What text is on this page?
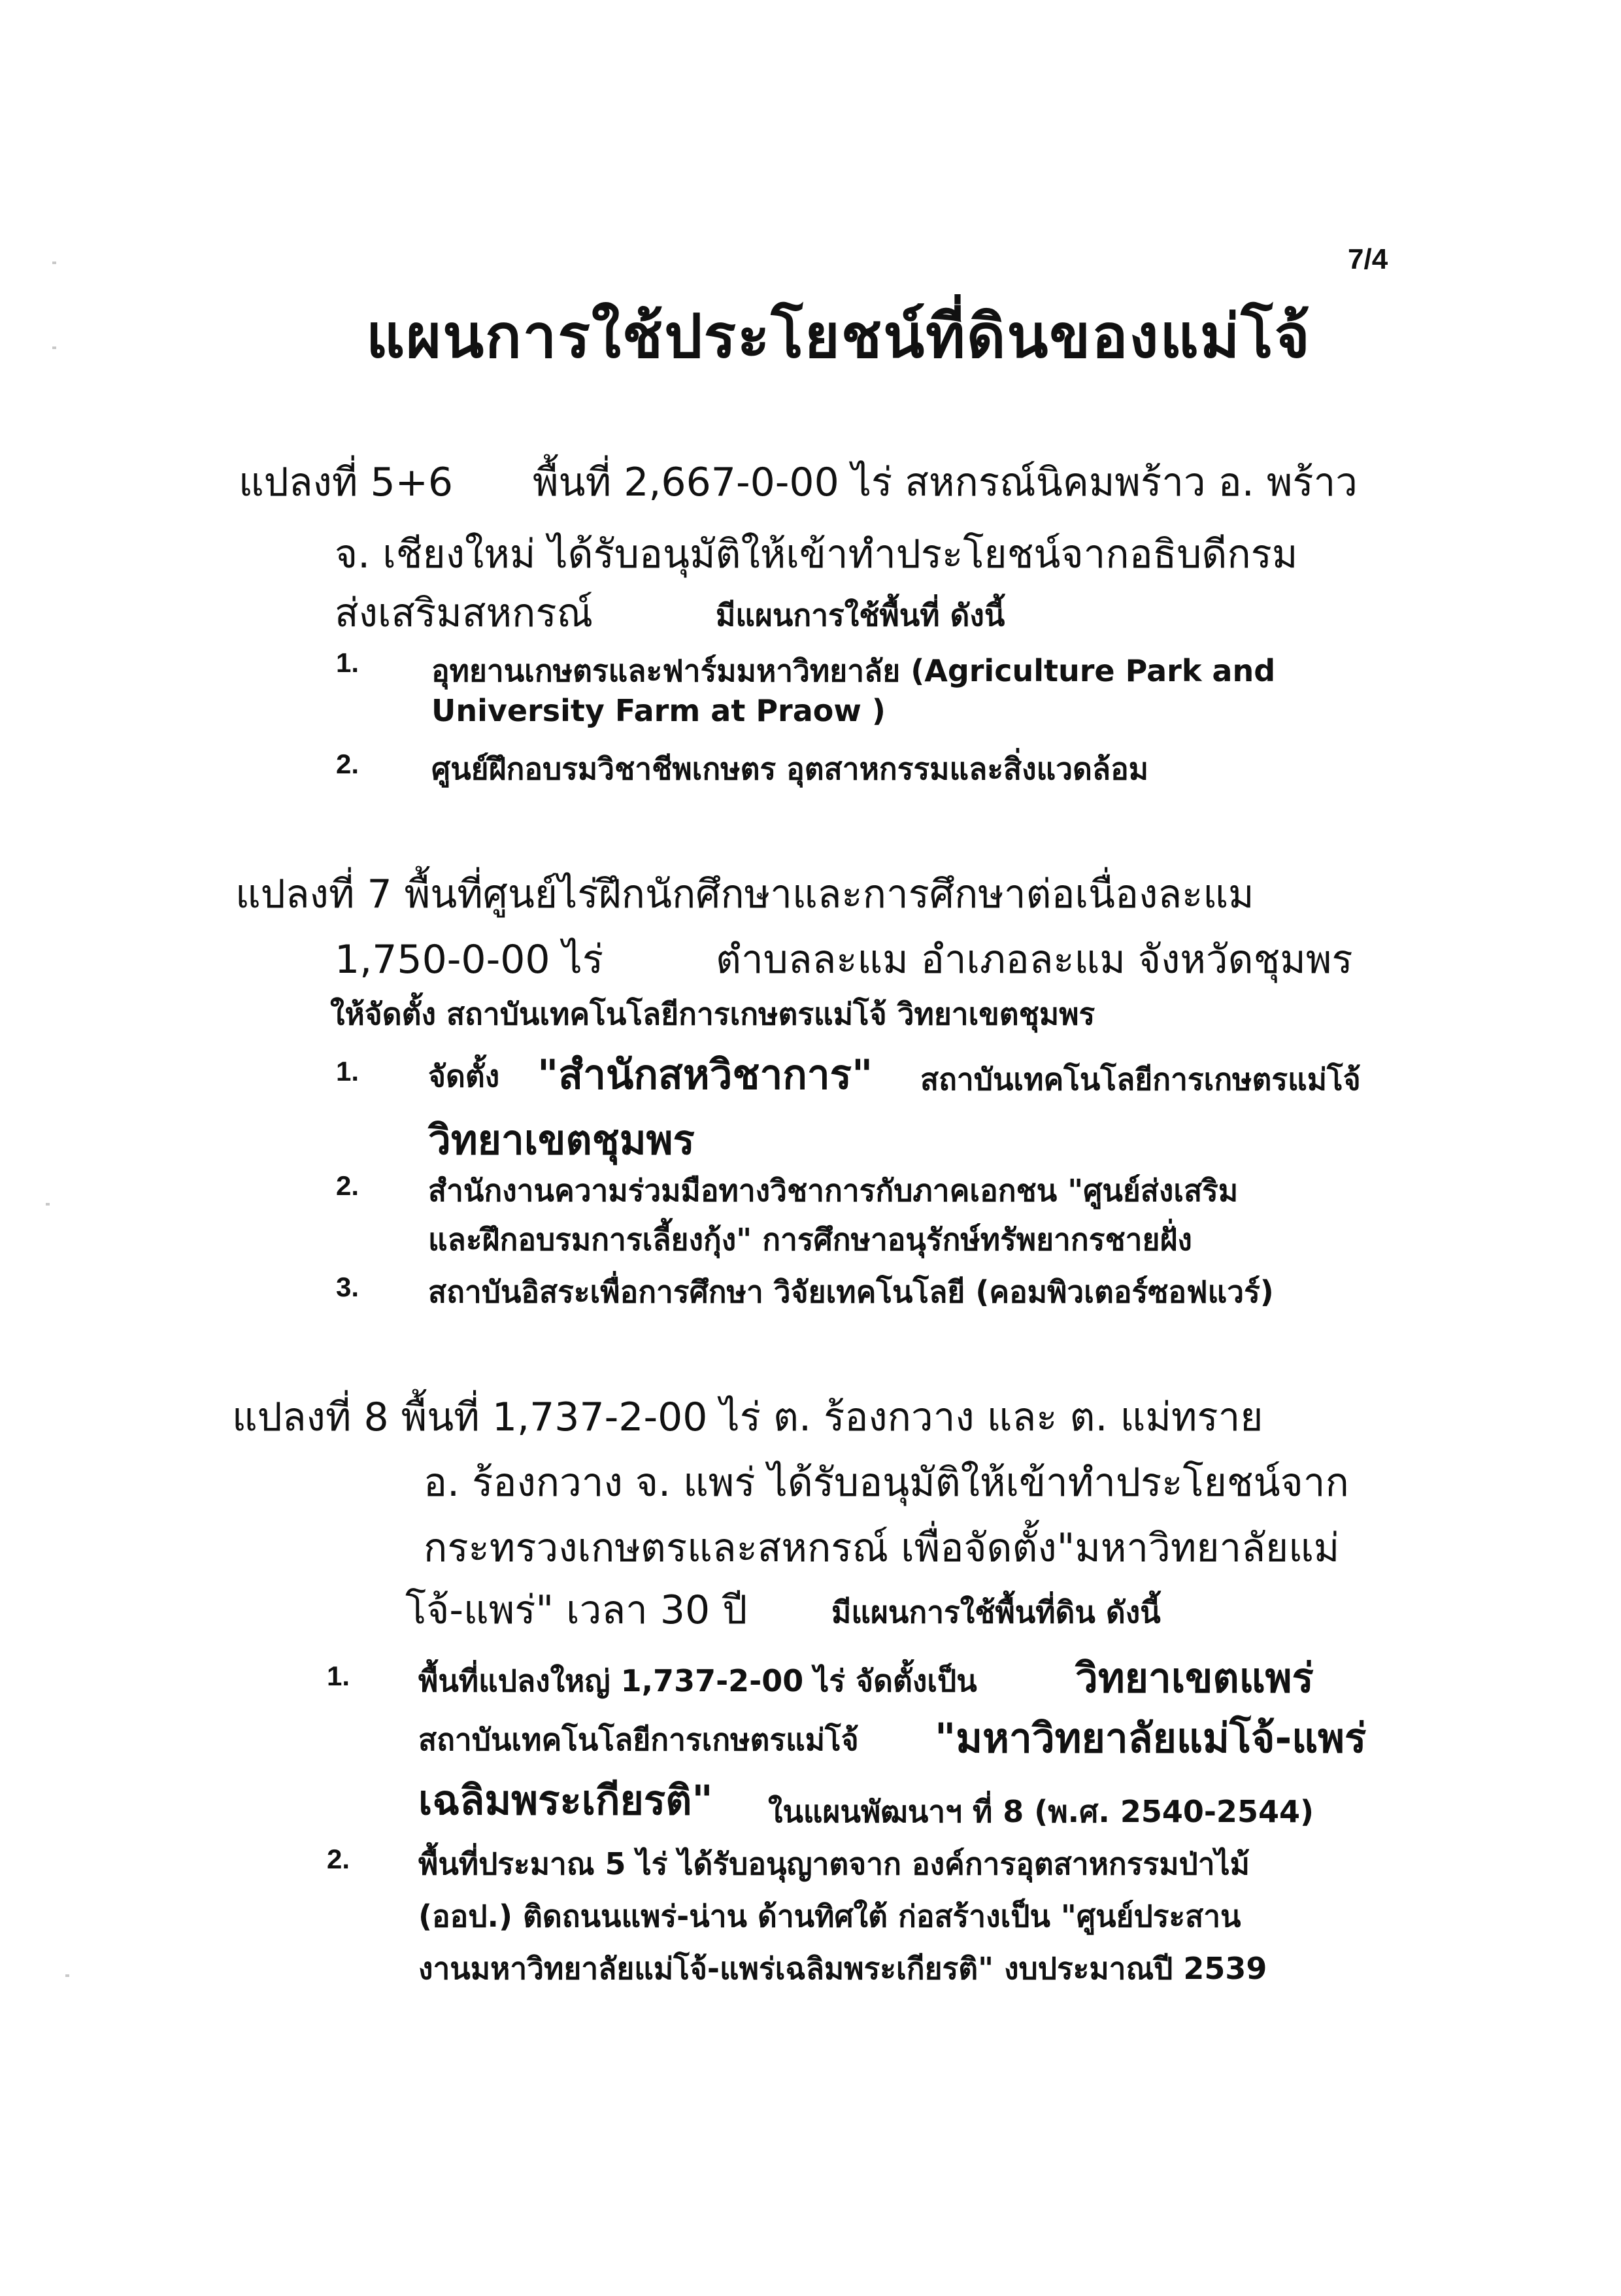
7/4
แผนการใช้ประโยชน์ที่ดินของแม่โจ้
แปลงที่ 5+6 พื้นที่ 2,667-0-00 ไร่ สหกรณ์นิคมพร้าว อ. พร้าว
จ. เชียงใหม่ ได้รับอนุมัติให้เข้าทำประโยชน์จากอธิบดีกรม
ส่งเสริมสหกรณ์	มีแผนการใช้พื้นที่ ดังนี้
1. อุทยานเกษตรและฟาร์มมหาวิทยาลัย (Agriculture Park and
University Farm at Praow )
2. ศูนย์ฝึกอบรมวิชาชีพเกษตร อุตสาหกรรมและสิ่งแวดล้อม
แปลงที่ 7 พื้นที่ศูนย์ไร่ฝึกนักศึกษาและการศึกษาต่อเนื่องละแม
1,750-0-00 ไร่	ตำบลละแม อำเภอละแม จังหวัดชุมพร
ให้จัดตั้ง สถาบันเทคโนโลยีการเกษตรแม่โจ้ วิทยาเขตชุมพร
1. จัดตั้ง "สำนักสหวิชาการ" สถาบันเทคโนโลยีการเกษตรแม่โจ้
วิทยาเขตชุมพร
2. สำนักงานความร่วมมือทางวิชาการกับภาคเอกชน "ศูนย์ส่งเสริม
และฝึกอบรมการเลี้ยงกุ้ง" การศึกษาอนุรักษ์ทรัพยากรชายฝั่ง
3. สถาบันอิสระเพื่อการศึกษา วิจัยเทคโนโลยี (คอมพิวเตอร์ซอฟแวร์)
แปลงที่ 8 พื้นที่ 1,737-2-00 ไร่ ต. ร้องกวาง และ ต. แม่ทราย
อ. ร้องกวาง จ. แพร่ ได้รับอนุมัติให้เข้าทำประโยชน์จาก
กระทรวงเกษตรและสหกรณ์ เพื่อจัดตั้ง"มหาวิทยาลัยแม่
โจ้-แพร่" เวลา 30 ปี	มีแผนการใช้พื้นที่ดิน ดังนี้
1. พื้นที่แปลงใหญ่ 1,737-2-00 ไร่ จัดตั้งเป็น วิทยาเขตแพร่
สถาบันเทคโนโลยีการเกษตรแม่โจ้ "มหาวิทยาลัยแม่โจ้-แพร่
เฉลิมพระเกียรติ" ในแผนพัฒนาฯ ที่ 8 (พ.ศ. 2540-2544)
2. พื้นที่ประมาณ 5 ไร่ ได้รับอนุญาตจาก องค์การอุตสาหกรรมป่าไม้
(ออป.) ติดถนนแพร่-น่าน ด้านทิศใต้ ก่อสร้างเป็น "ศูนย์ประสาน
งานมหาวิทยาลัยแม่โจ้-แพร่เฉลิมพระเกียรติ" งบประมาณปี 2539
